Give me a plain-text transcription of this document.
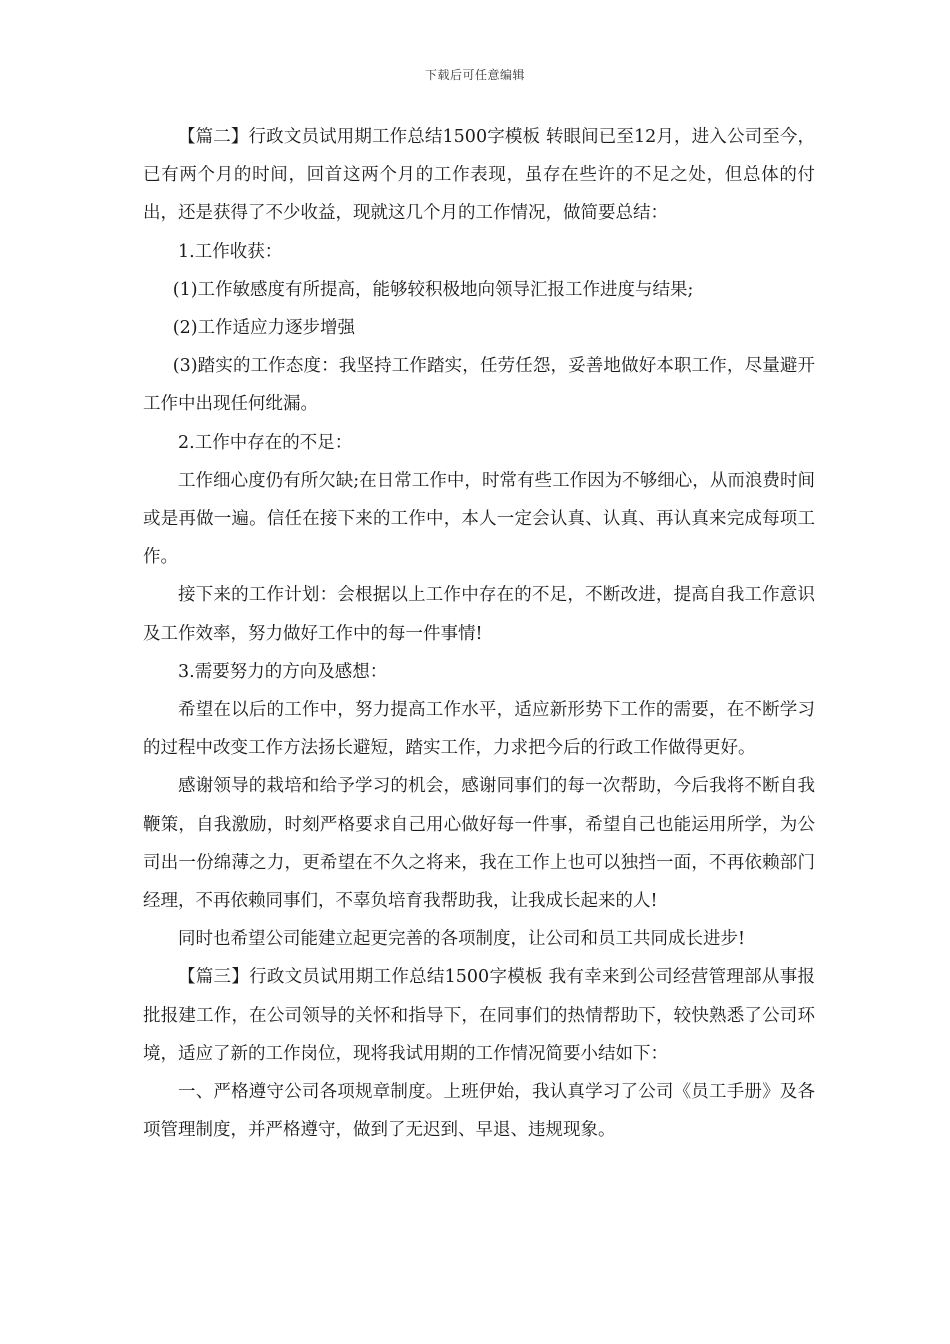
下载后可任意编辑

【篇二】行政文员试用期工作总结1500字模板 转眼间已至12月，进入公司至今，已有两个月的时间，回首这两个月的工作表现，虽存在些许的不足之处，但总体的付出，还是获得了不少收益，现就这几个月的工作情况，做简要总结：

1.工作收获：

(1)工作敏感度有所提高，能够较积极地向领导汇报工作进度与结果;

(2)工作适应力逐步增强

(3)踏实的工作态度：我坚持工作踏实，任劳任怨，妥善地做好本职工作，尽量避开工作中出现任何纰漏。

2.工作中存在的不足：

工作细心度仍有所欠缺;在日常工作中，时常有些工作因为不够细心，从而浪费时间或是再做一遍。信任在接下来的工作中，本人一定会认真、认真、再认真来完成每项工作。

接下来的工作计划：会根据以上工作中存在的不足，不断改进，提高自我工作意识及工作效率，努力做好工作中的每一件事情!

3.需要努力的方向及感想：

希望在以后的工作中，努力提高工作水平，适应新形势下工作的需要，在不断学习的过程中改变工作方法扬长避短，踏实工作，力求把今后的行政工作做得更好。

感谢领导的栽培和给予学习的机会，感谢同事们的每一次帮助，今后我将不断自我鞭策，自我激励，时刻严格要求自己用心做好每一件事，希望自己也能运用所学，为公司出一份绵薄之力，更希望在不久之将来，我在工作上也可以独挡一面，不再依赖部门经理，不再依赖同事们，不辜负培育我帮助我，让我成长起来的人!

同时也希望公司能建立起更完善的各项制度，让公司和员工共同成长进步!

【篇三】行政文员试用期工作总结1500字模板 我有幸来到公司经营管理部从事报批报建工作，在公司领导的关怀和指导下，在同事们的热情帮助下，较快熟悉了公司环境，适应了新的工作岗位，现将我试用期的工作情况简要小结如下：

一、严格遵守公司各项规章制度。上班伊始，我认真学习了公司《员工手册》及各项管理制度，并严格遵守，做到了无迟到、早退、违规现象。
